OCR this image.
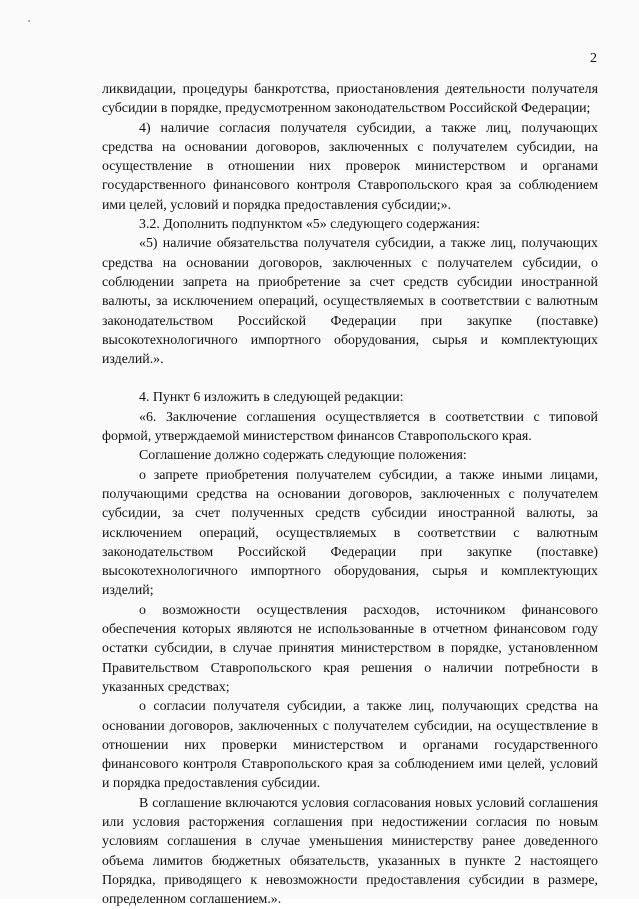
2

ликвидации, процедуры банкротства, приостановления деятельности получателя субсидии в порядке, предусмотренном законодательством Российской Федерации;

4) наличие согласия получателя субсидии, а также лиц, получающих средства на основании договоров, заключенных с получателем субсидии, на осуществление в отношении них проверок министерством и органами государственного финансового контроля Ставропольского края за соблюдением ими целей, условий и порядка предоставления субсидии;».

3.2. Дополнить подпунктом «5» следующего содержания:

«5) наличие обязательства получателя субсидии, а также лиц, получающих средства на основании договоров, заключенных с получателем субсидии, о соблюдении запрета на приобретение за счет средств субсидии иностранной валюты, за исключением операций, осуществляемых в соответствии с валютным законодательством Российской Федерации при закупке (поставке) высокотехнологичного импортного оборудования, сырья и комплектующих изделий.».

4. Пункт 6 изложить в следующей редакции:

«6. Заключение соглашения осуществляется в соответствии с типовой формой, утверждаемой министерством финансов Ставропольского края.

Соглашение должно содержать следующие положения:

о запрете приобретения получателем субсидии, а также иными лицами, получающими средства на основании договоров, заключенных с получателем субсидии, за счет полученных средств субсидии иностранной валюты, за исключением операций, осуществляемых в соответствии с валютным законодательством Российской Федерации при закупке (поставке) высокотехнологичного импортного оборудования, сырья и комплектующих изделий;

о возможности осуществления расходов, источником финансового обеспечения которых являются не использованные в отчетном финансовом году остатки субсидии, в случае принятия министерством в порядке, установленном Правительством Ставропольского края решения о наличии потребности в указанных средствах;

о согласии получателя субсидии, а также лиц, получающих средства на основании договоров, заключенных с получателем субсидии, на осуществление в отношении них проверки министерством и органами государственного финансового контроля Ставропольского края за соблюдением ими целей, условий и порядка предоставления субсидии.

В соглашение включаются условия согласования новых условий соглашения или условия расторжения соглашения при недостижении согласия по новым условиям соглашения в случае уменьшения министерству ранее доведенного объема лимитов бюджетных обязательств, указанных в пункте 2 настоящего Порядка, приводящего к невозможности предоставления субсидии в размере, определенном соглашением.».
